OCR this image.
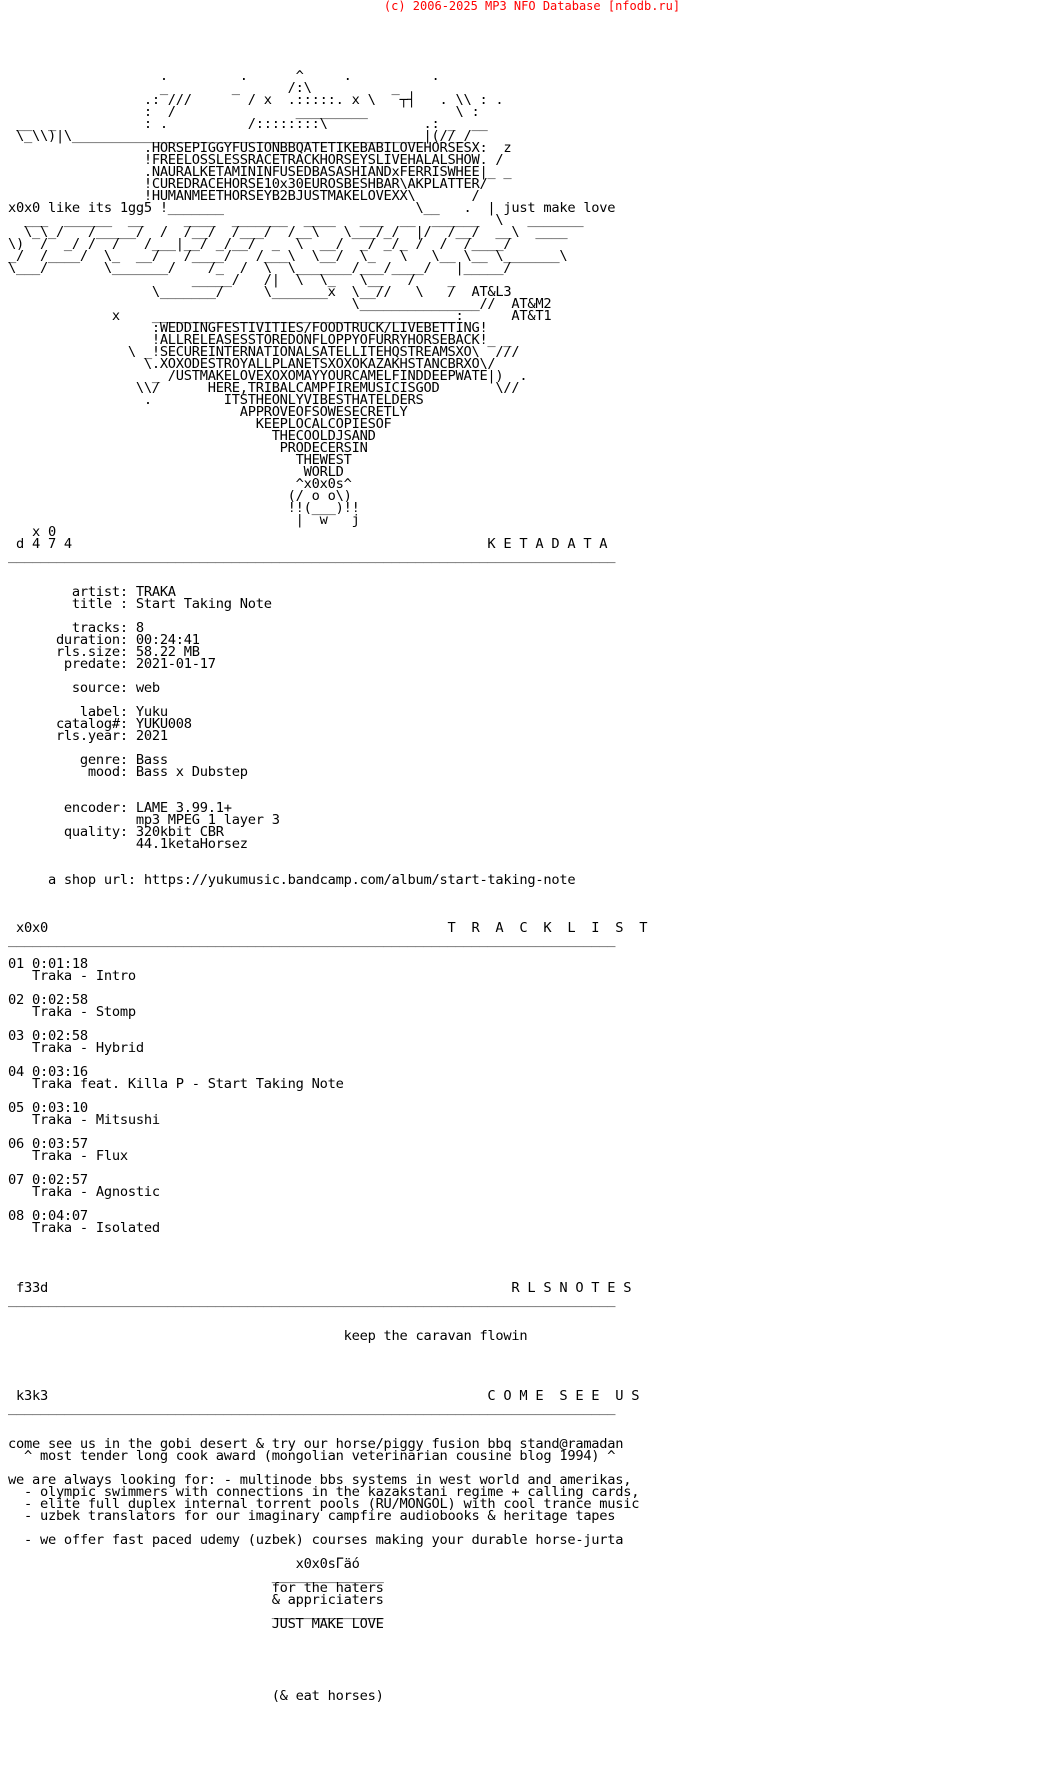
(c) 2006-2025 MP3 NFO Database [nfodb.ru]
.         .      ^     .          .
_        _      /:\          _
.: ///       / x  .:::::. x \   ┬┤   . \\ : .
:  /               _________           \ :
__  _           : .          /::::::::\            .: _  __
\_\\)|\____________________________________________|(//_/
.HORSEPIGGYFUSIONBBQATETIKEBABILOVEHORSESX:  z
!FREELOSSLESSRACETRACKHORSEYSLIVEHALALSHOW. /
.NAURALKETAMININFUSEDBASASHIANDxFERRISWHEE|_ _
!CUREDRACEHORSE10x30EUROSBESHBAR\AKPLATTER/
!HUMANMEETHORSEYB2BJUSTMAKELOVEXX\       /
x0x0 like its 1gg5 !_______                        \__   .  | just make love
___  ______  __     ____  _______  ____   ___  __  ______  \   _______
\_\_/   /_____/  /  /__/  /___/  /__\   \___/_/  |/  /__/  __\  ____
\)  /  _/ /  /   /___|__/ _/__/  _  \  __/  _/ _/_ /  /  /____/
_/  /____/  \_  __/   /____/   /___\  \__/  \_   \   \__ \__ \_______\
\___/       \_______/    /_  /  \  \_______/___/____/   |_____/
_____/   /|  \  \_   \__   /    _
\_______/     \_______x  \__//   \   /  AT&L3
\_______________//  AT&M2
x    ______________________________________:      AT&T1
:WEDDINGFESTIVITIES/FOODTRUCK/LIVEBETTING!
!ALLRELEASESSTOREDONFLOPPYOFURRYHORSEBACK!_ _
\ _!SECUREINTERNATIONALSATELLITEHQSTREAMSXO\  ///
\.XOXODESTROYALLPLANETSXOXOKAZAKHSTANCBRXO\/
_ /USTMAKELOVEXOXOMAYYOURCAMELFINDDEEPWATE|)  .
\\/      HERE,TRIBALCAMPFIREMUSICISGOD       \//
.         ITSTHEONLYVIBESTHATELDERS
APPROVEOFSOWESECRETLY
KEEPLOCALCOPIESOF
THECOOLDJSAND
PRODECERSIN
THEWEST
WORLD
^x0x0s^
(/ o o\)
!!(___)!!
|  w   j
x 0
d 4 7 4                                                    K E T A D A T A
____________________________________________________________________________

artist: TRAKA
title : Start Taking Note

tracks: 8
duration: 00:24:41
rls.size: 58.22 MB
predate: 2021-01-17

source: web

label: Yuku
catalog#: YUKU008
rls.year: 2021

genre: Bass
mood: Bass x Dubstep

encoder: LAME 3.99.1+
mp3 MPEG 1 layer 3
quality: 320kbit CBR
44.1ketaHorsez

a shop url: https://yukumusic.bandcamp.com/album/start-taking-note

x0x0                                                  T  R  A  C  K  L  I  S  T
____________________________________________________________________________

01 0:01:18
Traka - Intro

02 0:02:58
Traka - Stomp

03 0:02:58
Traka - Hybrid

04 0:03:16
Traka feat. Killa P - Start Taking Note

05 0:03:10
Traka - Mitsushi

06 0:03:57
Traka - Flux

07 0:02:57
Traka - Agnostic

08 0:04:07
Traka - Isolated

f33d                                                          R L S N O T E S
____________________________________________________________________________

keep the caravan flowin

k3k3                                                       C O M E  S E E  U S
____________________________________________________________________________

come see us in the gobi desert & try our horse/piggy fusion bbq stand@ramadan
^ most tender long cook award (mongolian veterinarian cousine blog 1994) ^

we are always looking for: - multinode bbs systems in west world and amerikas,
- olympic swimmers with connections in the kazakstani regime + calling cards,
- elite full duplex internal torrent pools (RU/MONGOL) with cool trance music
- uzbek translators for our imaginary campfire audiobooks & heritage tapes

- we offer fast paced udemy (uzbek) courses making your durable horse-jurta

x0x0sΓäó
______________
for the haters
& appriciaters
______________
JUST MAKE LOVE

(& eat horses)
